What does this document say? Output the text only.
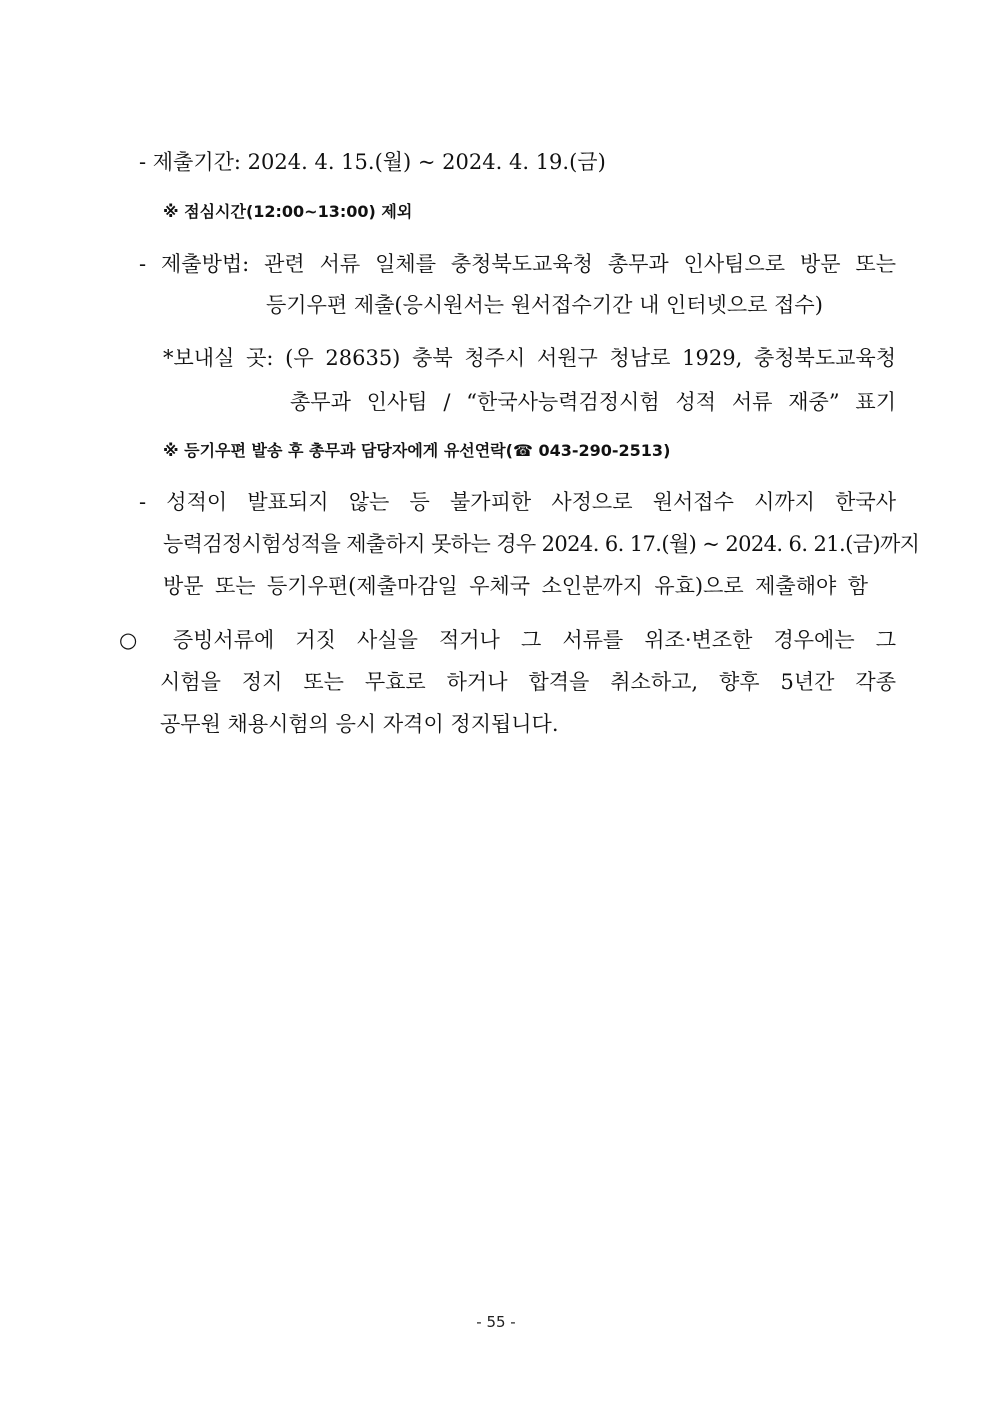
- 제출기간: 2024. 4. 15.(월) ~ 2024. 4. 19.(금)
※ 점심시간(12:00∼13:00) 제외
- 제출방법: 관련 서류 일체를 충청북도교육청 총무과 인사팀으로 방문 또는
등기우편 제출(응시원서는 원서접수기간 내 인터넷으로 접수)
*보내실 곳: (우 28635) 충북 청주시 서원구 청남로 1929, 충청북도교육청
총무과 인사팀 / “한국사능력검정시험 성적 서류 재중” 표기
※ 등기우편 발송 후 총무과 담당자에게 유선연락(☎ 043-290-2513)
- 성적이 발표되지 않는 등 불가피한 사정으로 원서접수 시까지 한국사
능력검정시험성적을 제출하지 못하는 경우 2024. 6. 17.(월) ~ 2024. 6. 21.(금)까지
방문 또는 등기우편(제출마감일 우체국 소인분까지 유효)으로 제출해야 함
○ 증빙서류에 거짓 사실을 적거나 그 서류를 위조·변조한 경우에는 그
시험을 정지 또는 무효로 하거나 합격을 취소하고, 향후 5년간 각종
공무원 채용시험의 응시 자격이 정지됩니다.
- 55 -
